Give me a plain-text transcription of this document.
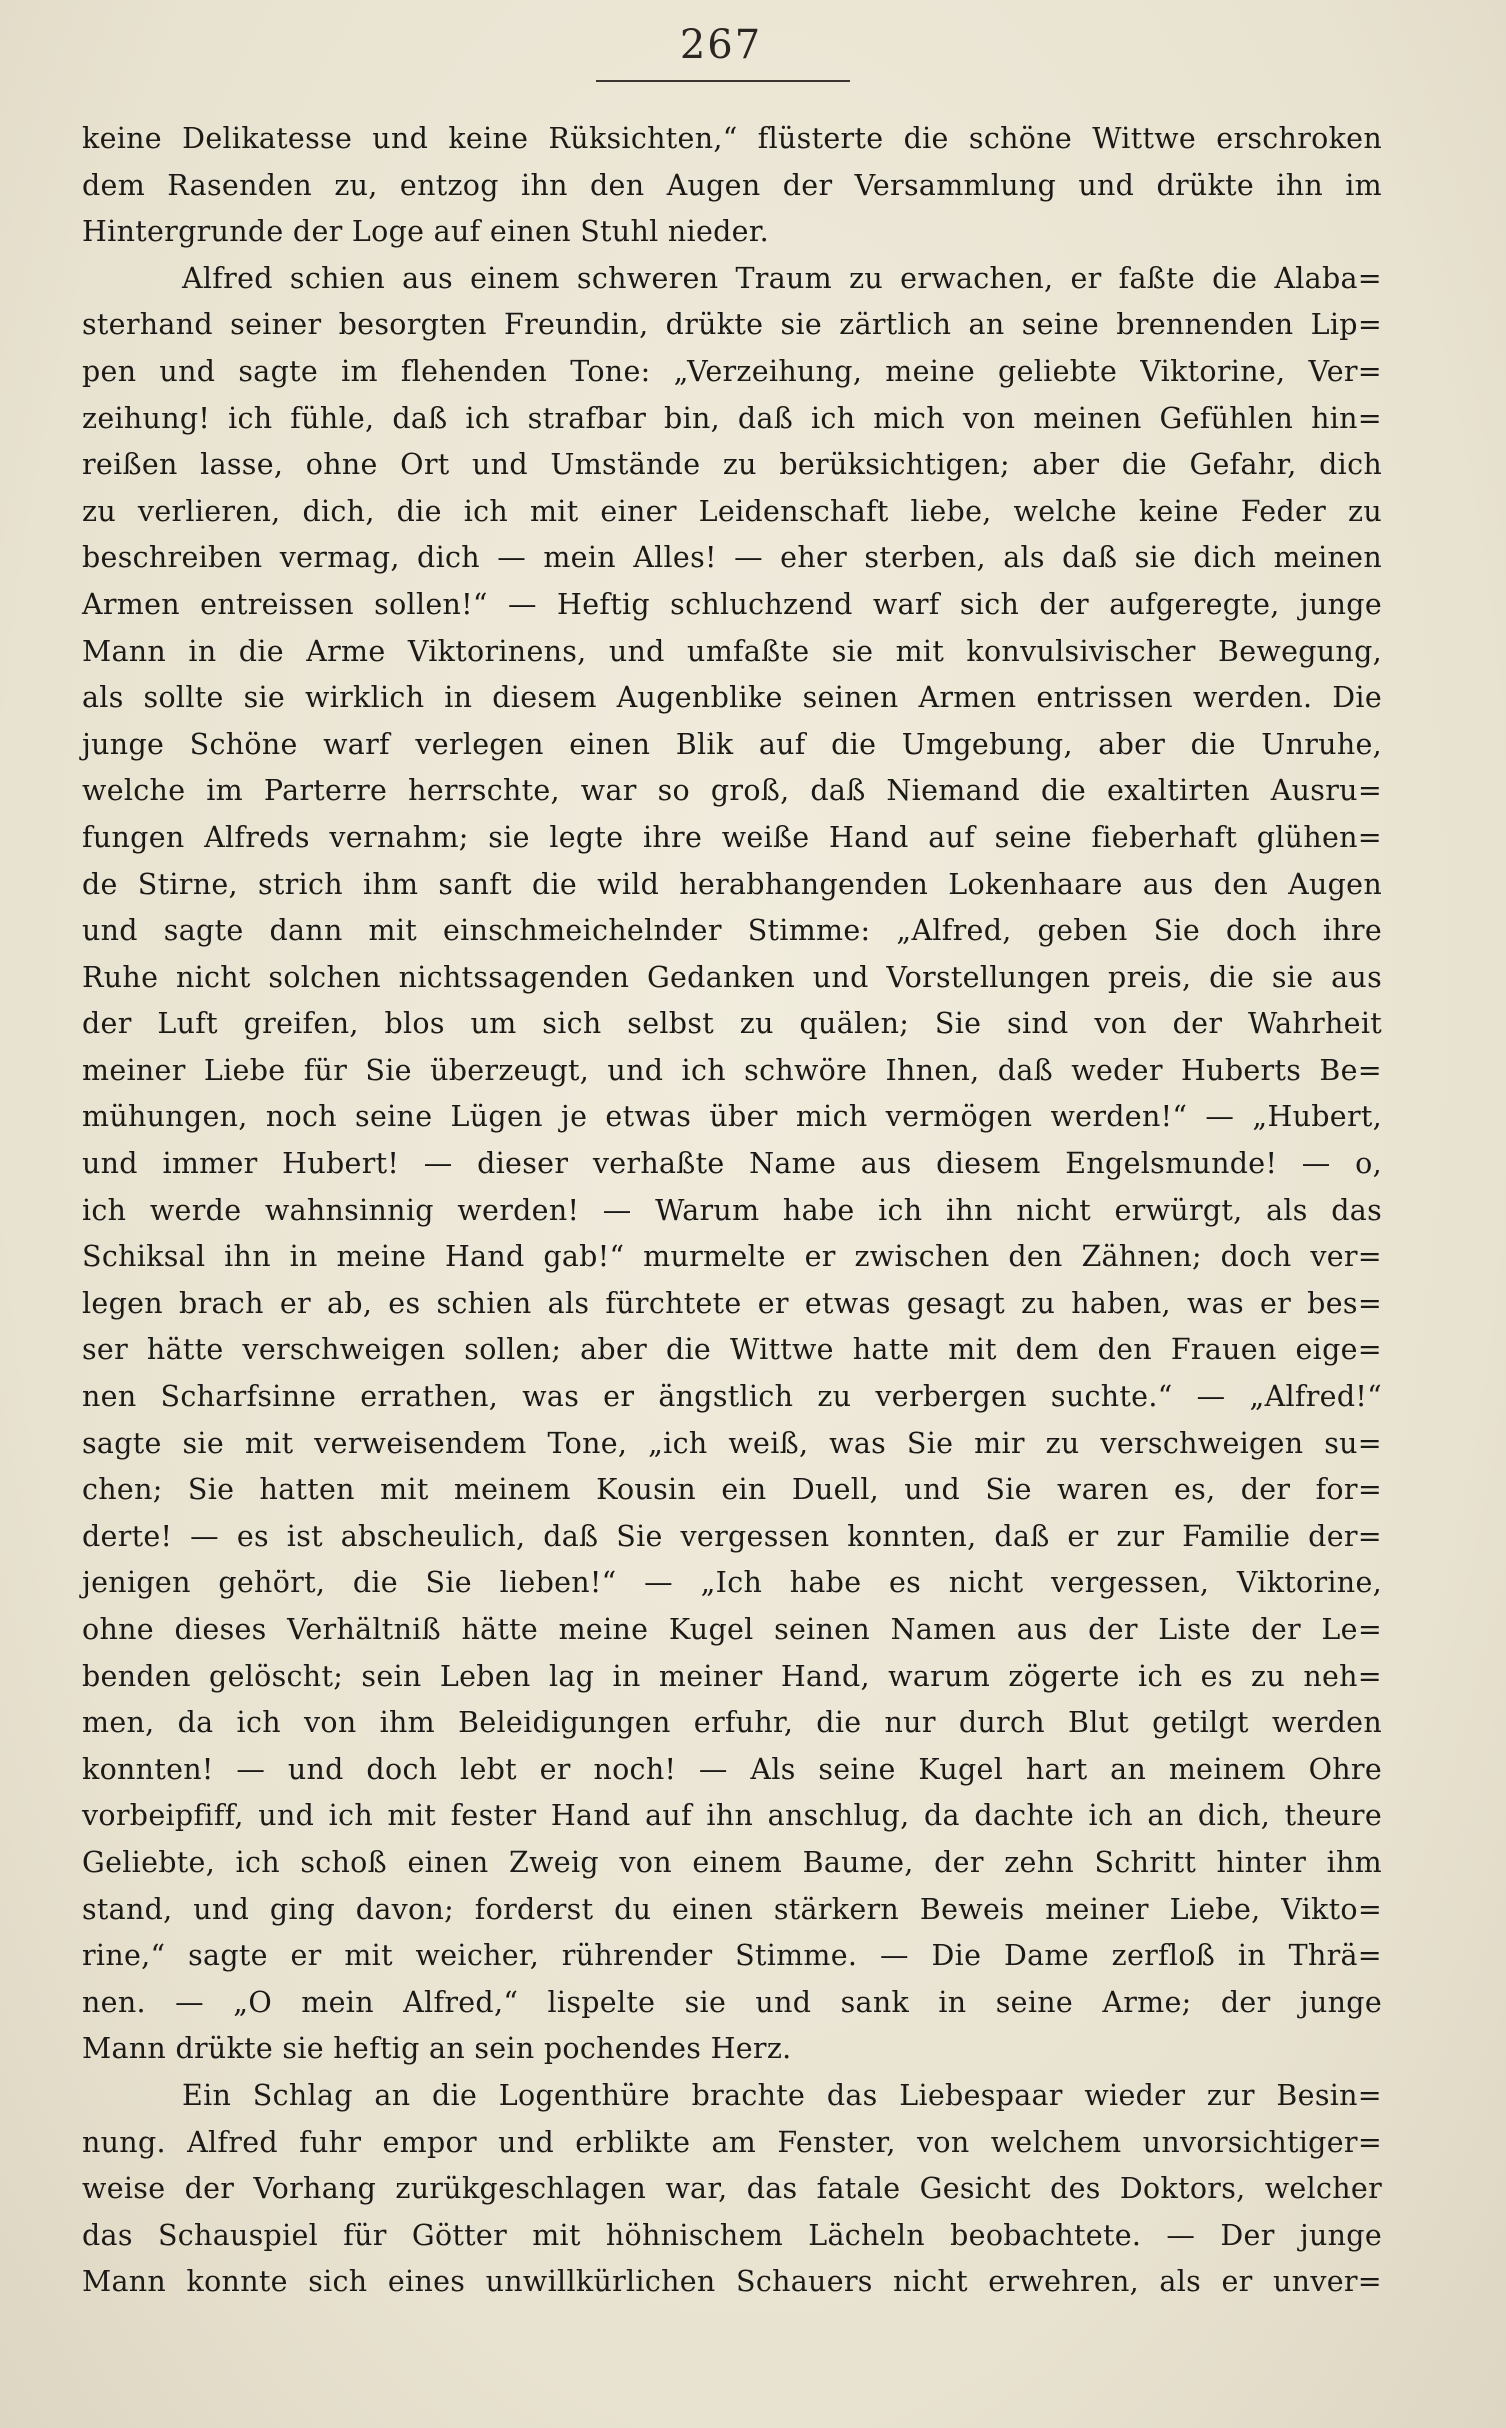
267
keine Delikatesse und keine Rüksichten,“ flüsterte die schöne Wittwe erschroken
dem Rasenden zu, entzog ihn den Augen der Versammlung und drükte ihn im
Hintergrunde der Loge auf einen Stuhl nieder.
Alfred schien aus einem schweren Traum zu erwachen, er faßte die Alaba=
sterhand seiner besorgten Freundin, drükte sie zärtlich an seine brennenden Lip=
pen und sagte im flehenden Tone: „Verzeihung, meine geliebte Viktorine, Ver=
zeihung! ich fühle, daß ich strafbar bin, daß ich mich von meinen Gefühlen hin=
reißen lasse, ohne Ort und Umstände zu berüksichtigen; aber die Gefahr, dich
zu verlieren, dich, die ich mit einer Leidenschaft liebe, welche keine Feder zu
beschreiben vermag, dich — mein Alles! — eher sterben, als daß sie dich meinen
Armen entreissen sollen!“ — Heftig schluchzend warf sich der aufgeregte, junge
Mann in die Arme Viktorinens, und umfaßte sie mit konvulsivischer Bewegung,
als sollte sie wirklich in diesem Augenblike seinen Armen entrissen werden. Die
junge Schöne warf verlegen einen Blik auf die Umgebung, aber die Unruhe,
welche im Parterre herrschte, war so groß, daß Niemand die exaltirten Ausru=
fungen Alfreds vernahm; sie legte ihre weiße Hand auf seine fieberhaft glühen=
de Stirne, strich ihm sanft die wild herabhangenden Lokenhaare aus den Augen
und sagte dann mit einschmeichelnder Stimme: „Alfred, geben Sie doch ihre
Ruhe nicht solchen nichtssagenden Gedanken und Vorstellungen preis, die sie aus
der Luft greifen, blos um sich selbst zu quälen; Sie sind von der Wahrheit
meiner Liebe für Sie überzeugt, und ich schwöre Ihnen, daß weder Huberts Be=
mühungen, noch seine Lügen je etwas über mich vermögen werden!“ — „Hubert,
und immer Hubert! — dieser verhaßte Name aus diesem Engelsmunde! — o,
ich werde wahnsinnig werden! — Warum habe ich ihn nicht erwürgt, als das
Schiksal ihn in meine Hand gab!“ murmelte er zwischen den Zähnen; doch ver=
legen brach er ab, es schien als fürchtete er etwas gesagt zu haben, was er bes=
ser hätte verschweigen sollen; aber die Wittwe hatte mit dem den Frauen eige=
nen Scharfsinne errathen, was er ängstlich zu verbergen suchte.“ — „Alfred!“
sagte sie mit verweisendem Tone, „ich weiß, was Sie mir zu verschweigen su=
chen; Sie hatten mit meinem Kousin ein Duell, und Sie waren es, der for=
derte! — es ist abscheulich, daß Sie vergessen konnten, daß er zur Familie der=
jenigen gehört, die Sie lieben!“ — „Ich habe es nicht vergessen, Viktorine,
ohne dieses Verhältniß hätte meine Kugel seinen Namen aus der Liste der Le=
benden gelöscht; sein Leben lag in meiner Hand, warum zögerte ich es zu neh=
men, da ich von ihm Beleidigungen erfuhr, die nur durch Blut getilgt werden
konnten! — und doch lebt er noch! — Als seine Kugel hart an meinem Ohre
vorbeipfiff, und ich mit fester Hand auf ihn anschlug, da dachte ich an dich, theure
Geliebte, ich schoß einen Zweig von einem Baume, der zehn Schritt hinter ihm
stand, und ging davon; forderst du einen stärkern Beweis meiner Liebe, Vikto=
rine,“ sagte er mit weicher, rührender Stimme. — Die Dame zerfloß in Thrä=
nen. — „O mein Alfred,“ lispelte sie und sank in seine Arme; der junge
Mann drükte sie heftig an sein pochendes Herz.
Ein Schlag an die Logenthüre brachte das Liebespaar wieder zur Besin=
nung. Alfred fuhr empor und erblikte am Fenster, von welchem unvorsichtiger=
weise der Vorhang zurükgeschlagen war, das fatale Gesicht des Doktors, welcher
das Schauspiel für Götter mit höhnischem Lächeln beobachtete. — Der junge
Mann konnte sich eines unwillkürlichen Schauers nicht erwehren, als er unver=
